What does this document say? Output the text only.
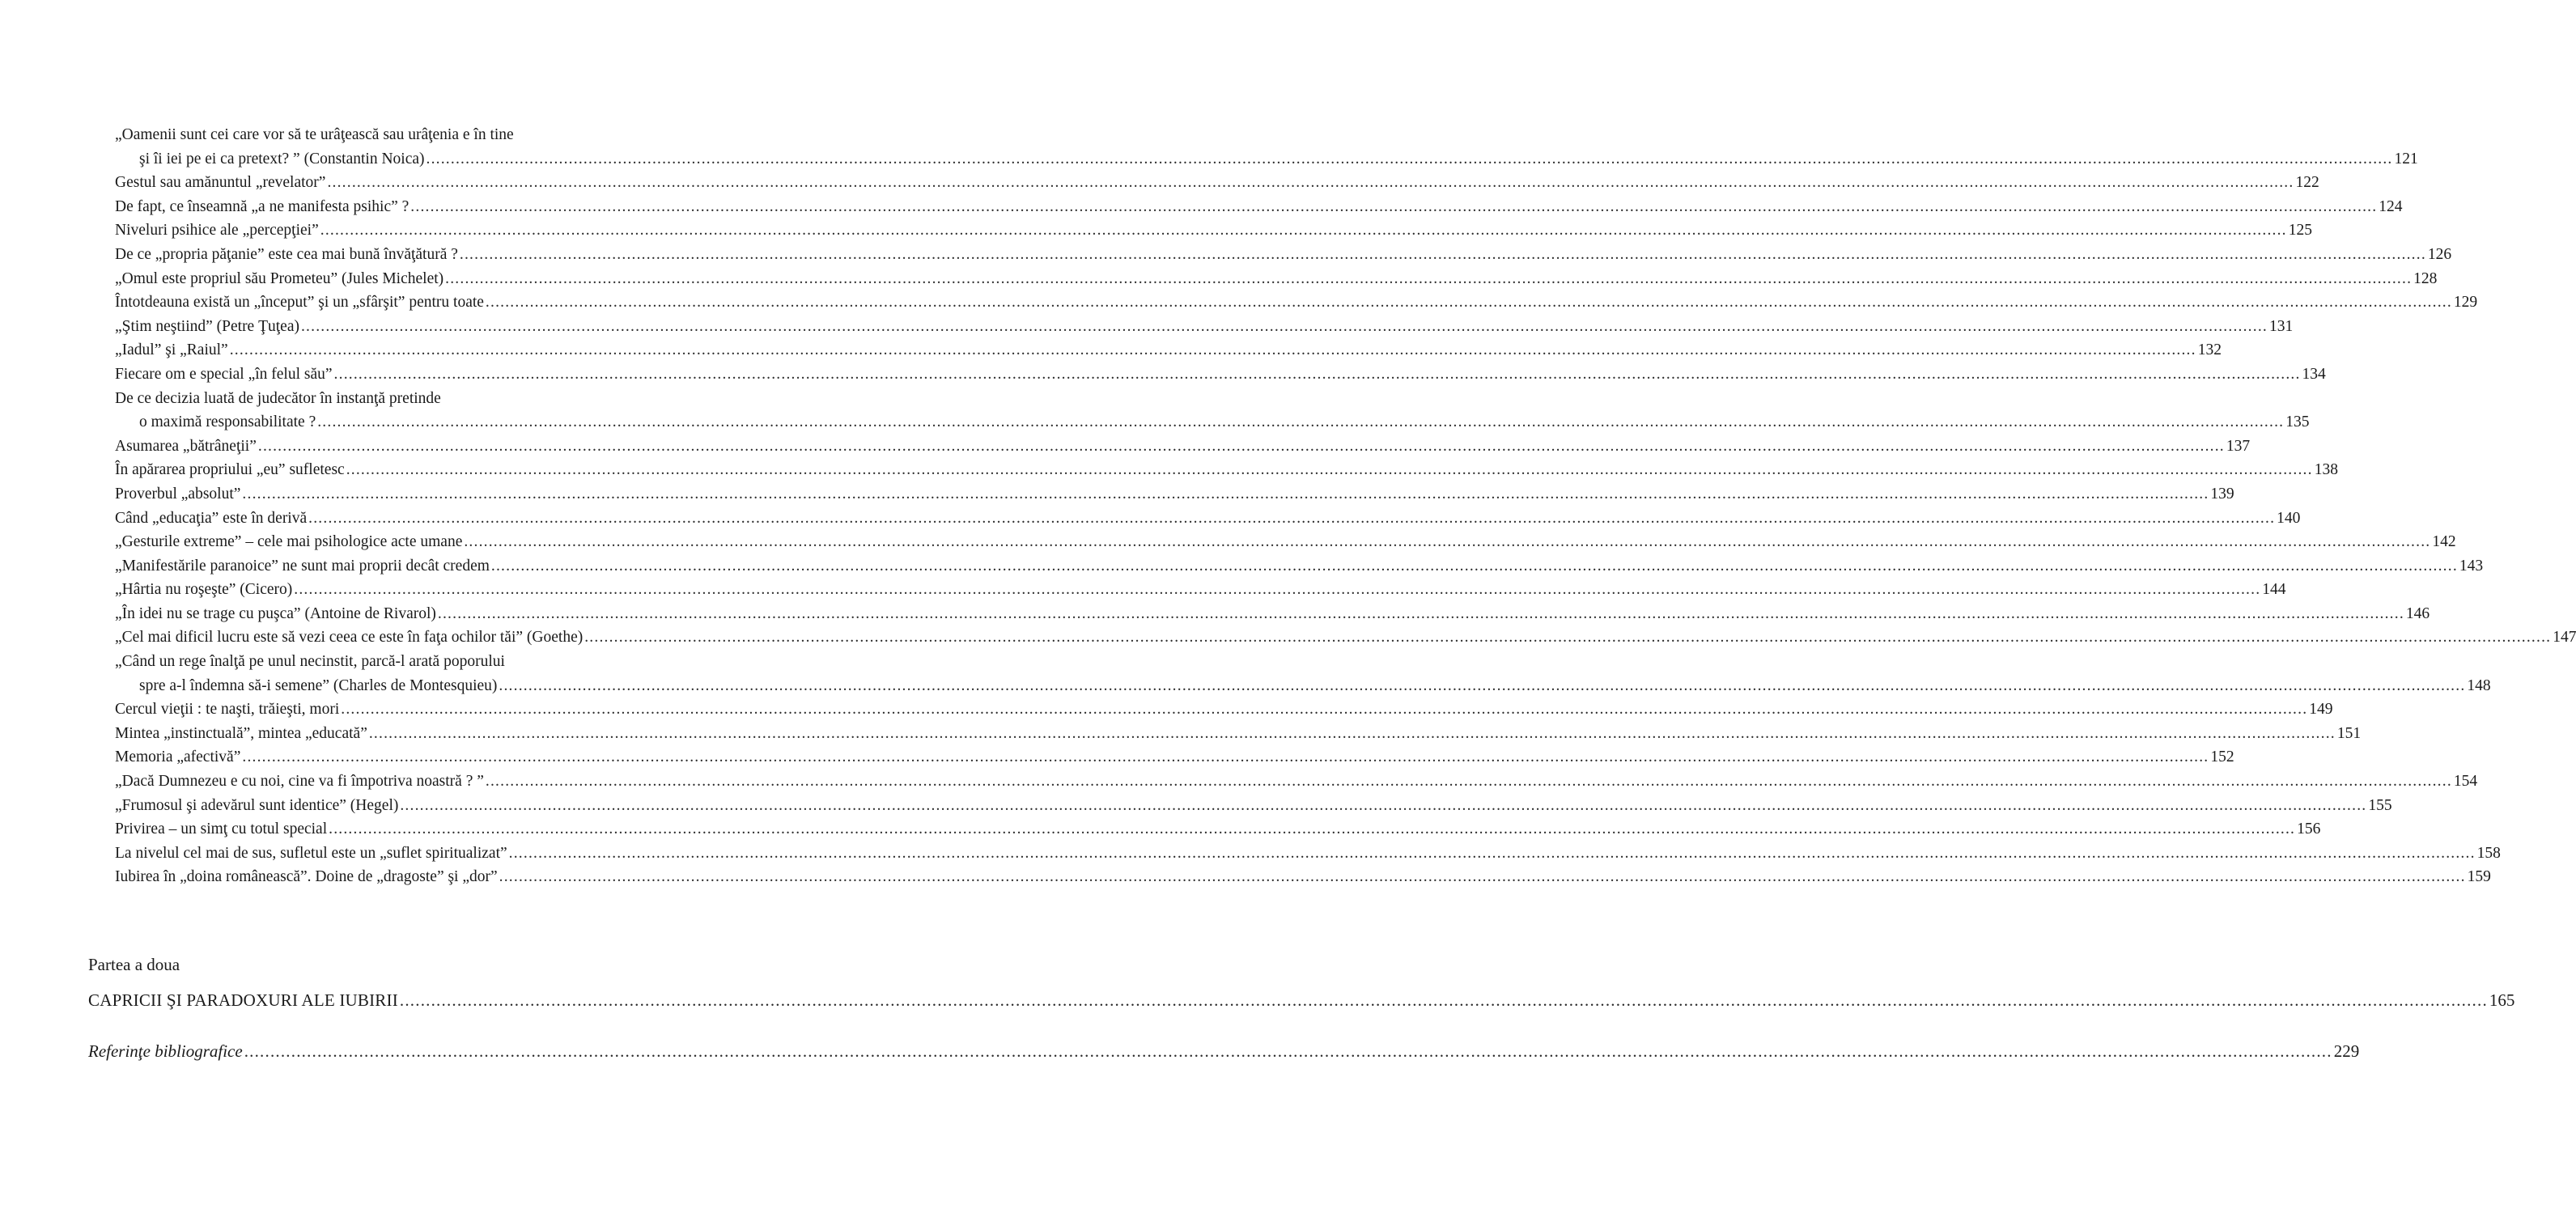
„Oamenii sunt cei care vor să te urâţească sau urâţenia e în tine
şi îi iei pe ei ca pretext? ” (Constantin Noica) ................................................................................................................................................................................................................................................................................................................................................................................................................ 121
Gestul sau amănuntul „revelator” ................................................................................................................................................................................................................................................................................................................................................................................................................ 122
De fapt, ce înseamnă „a ne manifesta psihic” ? ................................................................................................................................................................................................................................................................................................................................................................................................................ 124
Niveluri psihice ale „percepţiei” ................................................................................................................................................................................................................................................................................................................................................................................................................ 125
De ce „propria păţanie” este cea mai bună învăţătură ? ................................................................................................................................................................................................................................................................................................................................................................................................................ 126
„Omul este propriul său Prometeu” (Jules Michelet) ................................................................................................................................................................................................................................................................................................................................................................................................................ 128
Întotdeauna există un „început” şi un „sfârşit” pentru toate ................................................................................................................................................................................................................................................................................................................................................................................................................ 129
„Ştim neştiind” (Petre Ţuţea) ................................................................................................................................................................................................................................................................................................................................................................................................................ 131
„Iadul” şi „Raiul” ................................................................................................................................................................................................................................................................................................................................................................................................................ 132
Fiecare om e special „în felul său” ................................................................................................................................................................................................................................................................................................................................................................................................................ 134
De ce decizia luată de judecător în instanţă pretinde
o maximă responsabilitate ? ................................................................................................................................................................................................................................................................................................................................................................................................................ 135
Asumarea „bătrâneţii” ................................................................................................................................................................................................................................................................................................................................................................................................................ 137
În apărarea propriului „eu” sufletesc ................................................................................................................................................................................................................................................................................................................................................................................................................ 138
Proverbul „absolut” ................................................................................................................................................................................................................................................................................................................................................................................................................ 139
Când „educaţia” este în derivă ................................................................................................................................................................................................................................................................................................................................................................................................................ 140
„Gesturile extreme” – cele mai psihologice acte umane ................................................................................................................................................................................................................................................................................................................................................................................................................ 142
„Manifestările paranoice” ne sunt mai proprii decât credem ................................................................................................................................................................................................................................................................................................................................................................................................................ 143
„Hârtia nu roşeşte” (Cicero) ................................................................................................................................................................................................................................................................................................................................................................................................................ 144
„În idei nu se trage cu puşca” (Antoine de Rivarol) ................................................................................................................................................................................................................................................................................................................................................................................................................ 146
„Cel mai dificil lucru este să vezi ceea ce este în faţa ochilor tăi” (Goethe) ................................................................................................................................................................................................................................................................................................................................................................................................................ 147
„Când un rege înalţă pe unul necinstit, parcă-l arată poporului
spre a-l îndemna să-i semene” (Charles de Montesquieu) ................................................................................................................................................................................................................................................................................................................................................................................................................ 148
Cercul vieţii : te naşti, trăieşti, mori ................................................................................................................................................................................................................................................................................................................................................................................................................ 149
Mintea „instinctuală”, mintea „educată” ................................................................................................................................................................................................................................................................................................................................................................................................................ 151
Memoria „afectivă” ................................................................................................................................................................................................................................................................................................................................................................................................................ 152
„Dacă Dumnezeu e cu noi, cine va fi împotriva noastră ? ” ................................................................................................................................................................................................................................................................................................................................................................................................................ 154
„Frumosul şi adevărul sunt identice” (Hegel) ................................................................................................................................................................................................................................................................................................................................................................................................................ 155
Privirea – un simţ cu totul special ................................................................................................................................................................................................................................................................................................................................................................................................................ 156
La nivelul cel mai de sus, sufletul este un „suflet spiritualizat” ................................................................................................................................................................................................................................................................................................................................................................................................................ 158
Iubirea în „doina românească”. Doine de „dragoste” şi „dor” ................................................................................................................................................................................................................................................................................................................................................................................................................ 159
Partea a doua
CAPRICII ŞI PARADOXURI ALE IUBIRII ................................................................................................................................................................................................................................................................................................................................................................................................................ 165
Referinţe bibliografice ................................................................................................................................................................................................................................................................................................................................................................................................................ 229
